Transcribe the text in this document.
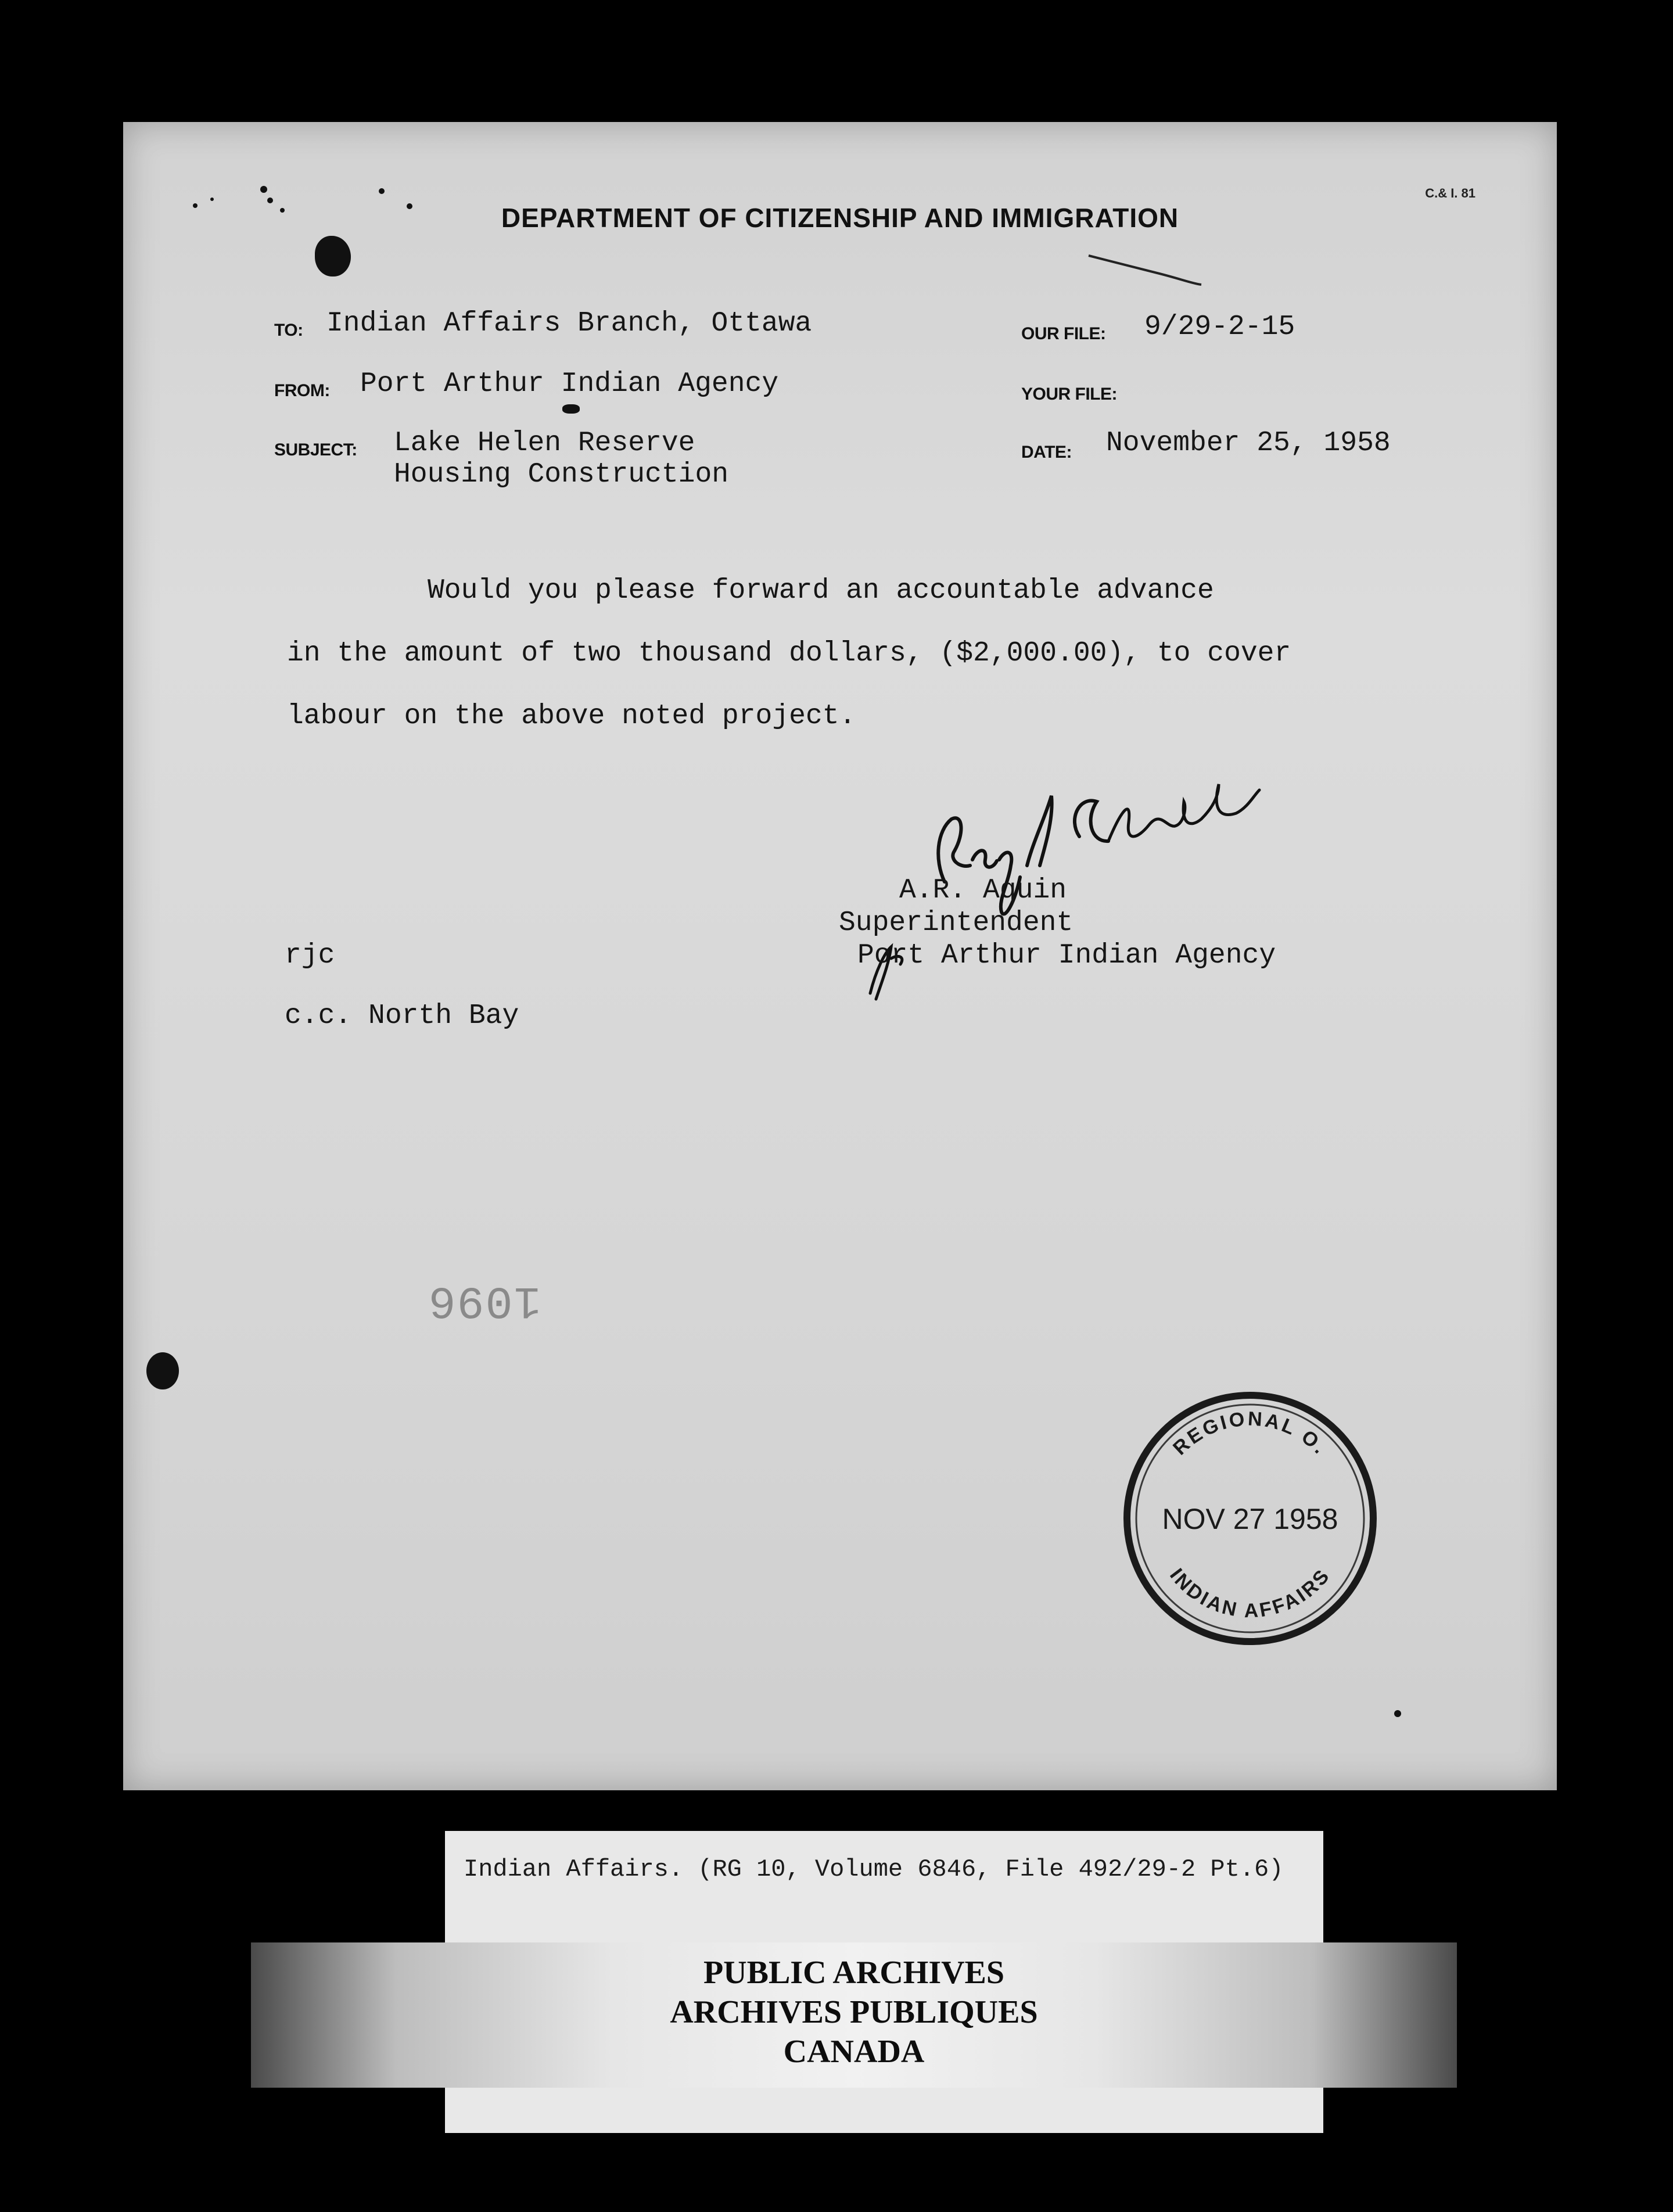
C.& I. 81
DEPARTMENT OF CITIZENSHIP AND IMMIGRATION
TO: Indian Affairs Branch, Ottawa
FROM: Port Arthur Indian Agency
SUBJECT: Lake Helen Reserve
Housing Construction
OUR FILE: 9/29-2-15
YOUR FILE:
DATE: November 25, 1958
Would you please forward an accountable advance
in the amount of two thousand dollars, ($2,000.00), to cover
labour on the above noted project.
A.R. Aquin
Superintendent
Port Arthur Indian Agency
rjc
c.c. North Bay
1096
REGIONAL O.
NOV 27 1958
INDIAN AFFAIRS
Indian Affairs. (RG 10, Volume 6846, File 492/29-2 Pt.6)
PUBLIC ARCHIVES
ARCHIVES PUBLIQUES
CANADA
